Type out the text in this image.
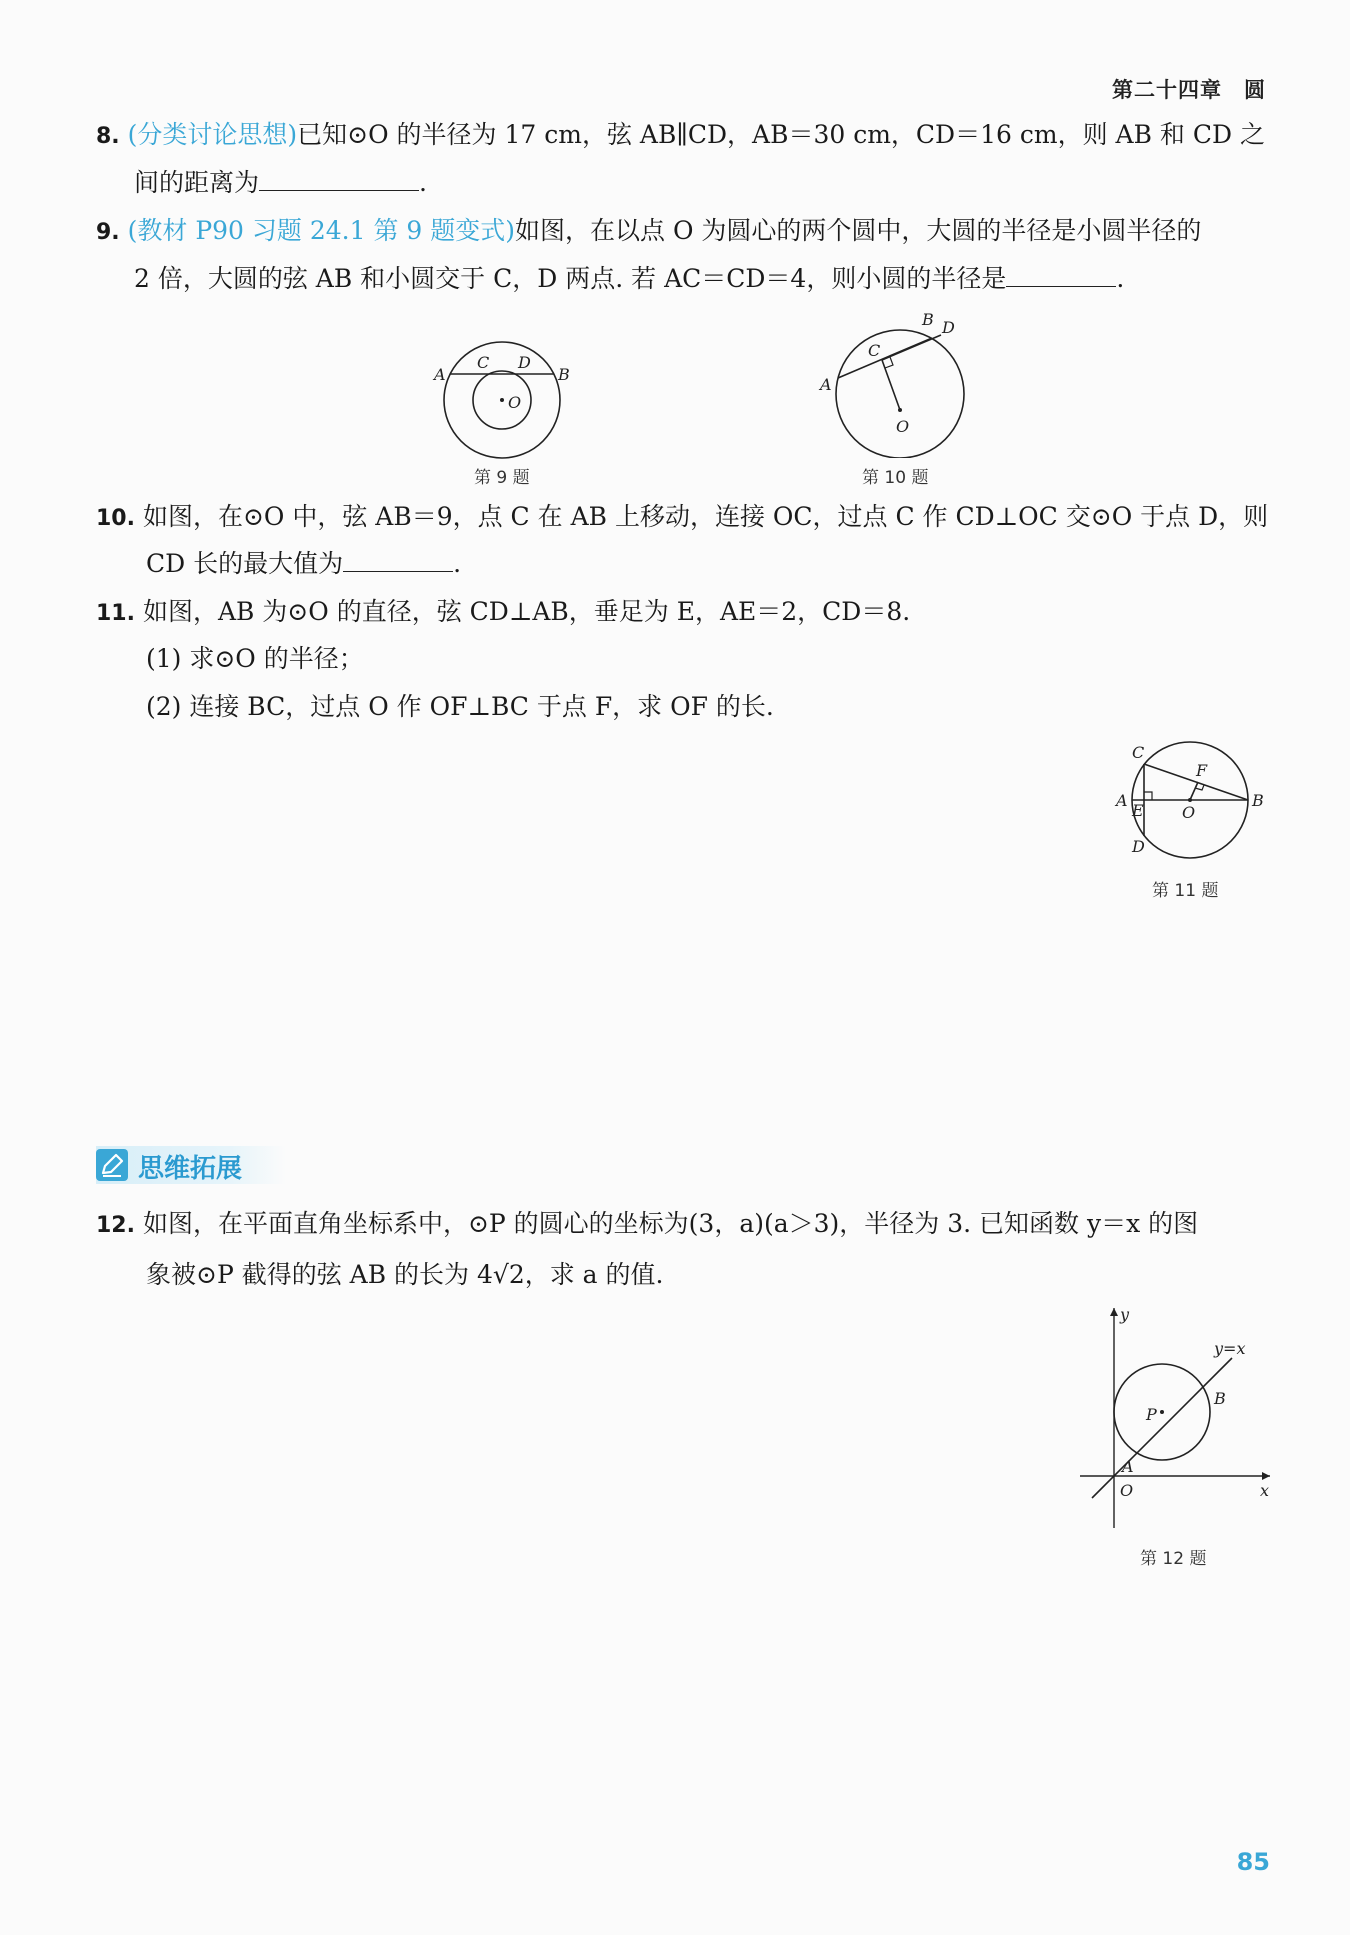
第二十四章 圆
8. (分类讨论思想)已知⊙O 的半径为 17 cm，弦 AB∥CD，AB＝30 cm，CD＝16 cm，则 AB 和 CD 之
间的距离为	.
9. (教材 P90 习题 24.1 第 9 题变式)如图，在以点 O 为圆心的两个圆中，大圆的半径是小圆半径的
2 倍，大圆的弦 AB 和小圆交于 C，D 两点. 若 AC＝CD＝4，则小圆的半径是	.
A	B
C D
O
第 9 题
A
B D
C
O
第 10 题
10. 如图，在⊙O 中，弦 AB＝9，点 C 在 AB 上移动，连接 OC，过点 C 作 CD⊥OC 交⊙O 于点 D，则
CD 长的最大值为	.
11. 如图，AB 为⊙O 的直径，弦 CD⊥AB，垂足为 E，AE＝2，CD＝8.
(1) 求⊙O 的半径；
(2) 连接 BC，过点 O 作 OF⊥BC 于点 F，求 OF 的长.
A	B
C
D
E
F
O
第 11 题
思维拓展
12. 如图，在平面直角坐标系中，⊙P 的圆心的坐标为(3，a)(a＞3)，半径为 3. 已知函数 y＝x 的图
象被⊙P 截得的弦 AB 的长为 4√2，求 a 的值.
y
x
y=x
P
A
B
O
第 12 题
85
